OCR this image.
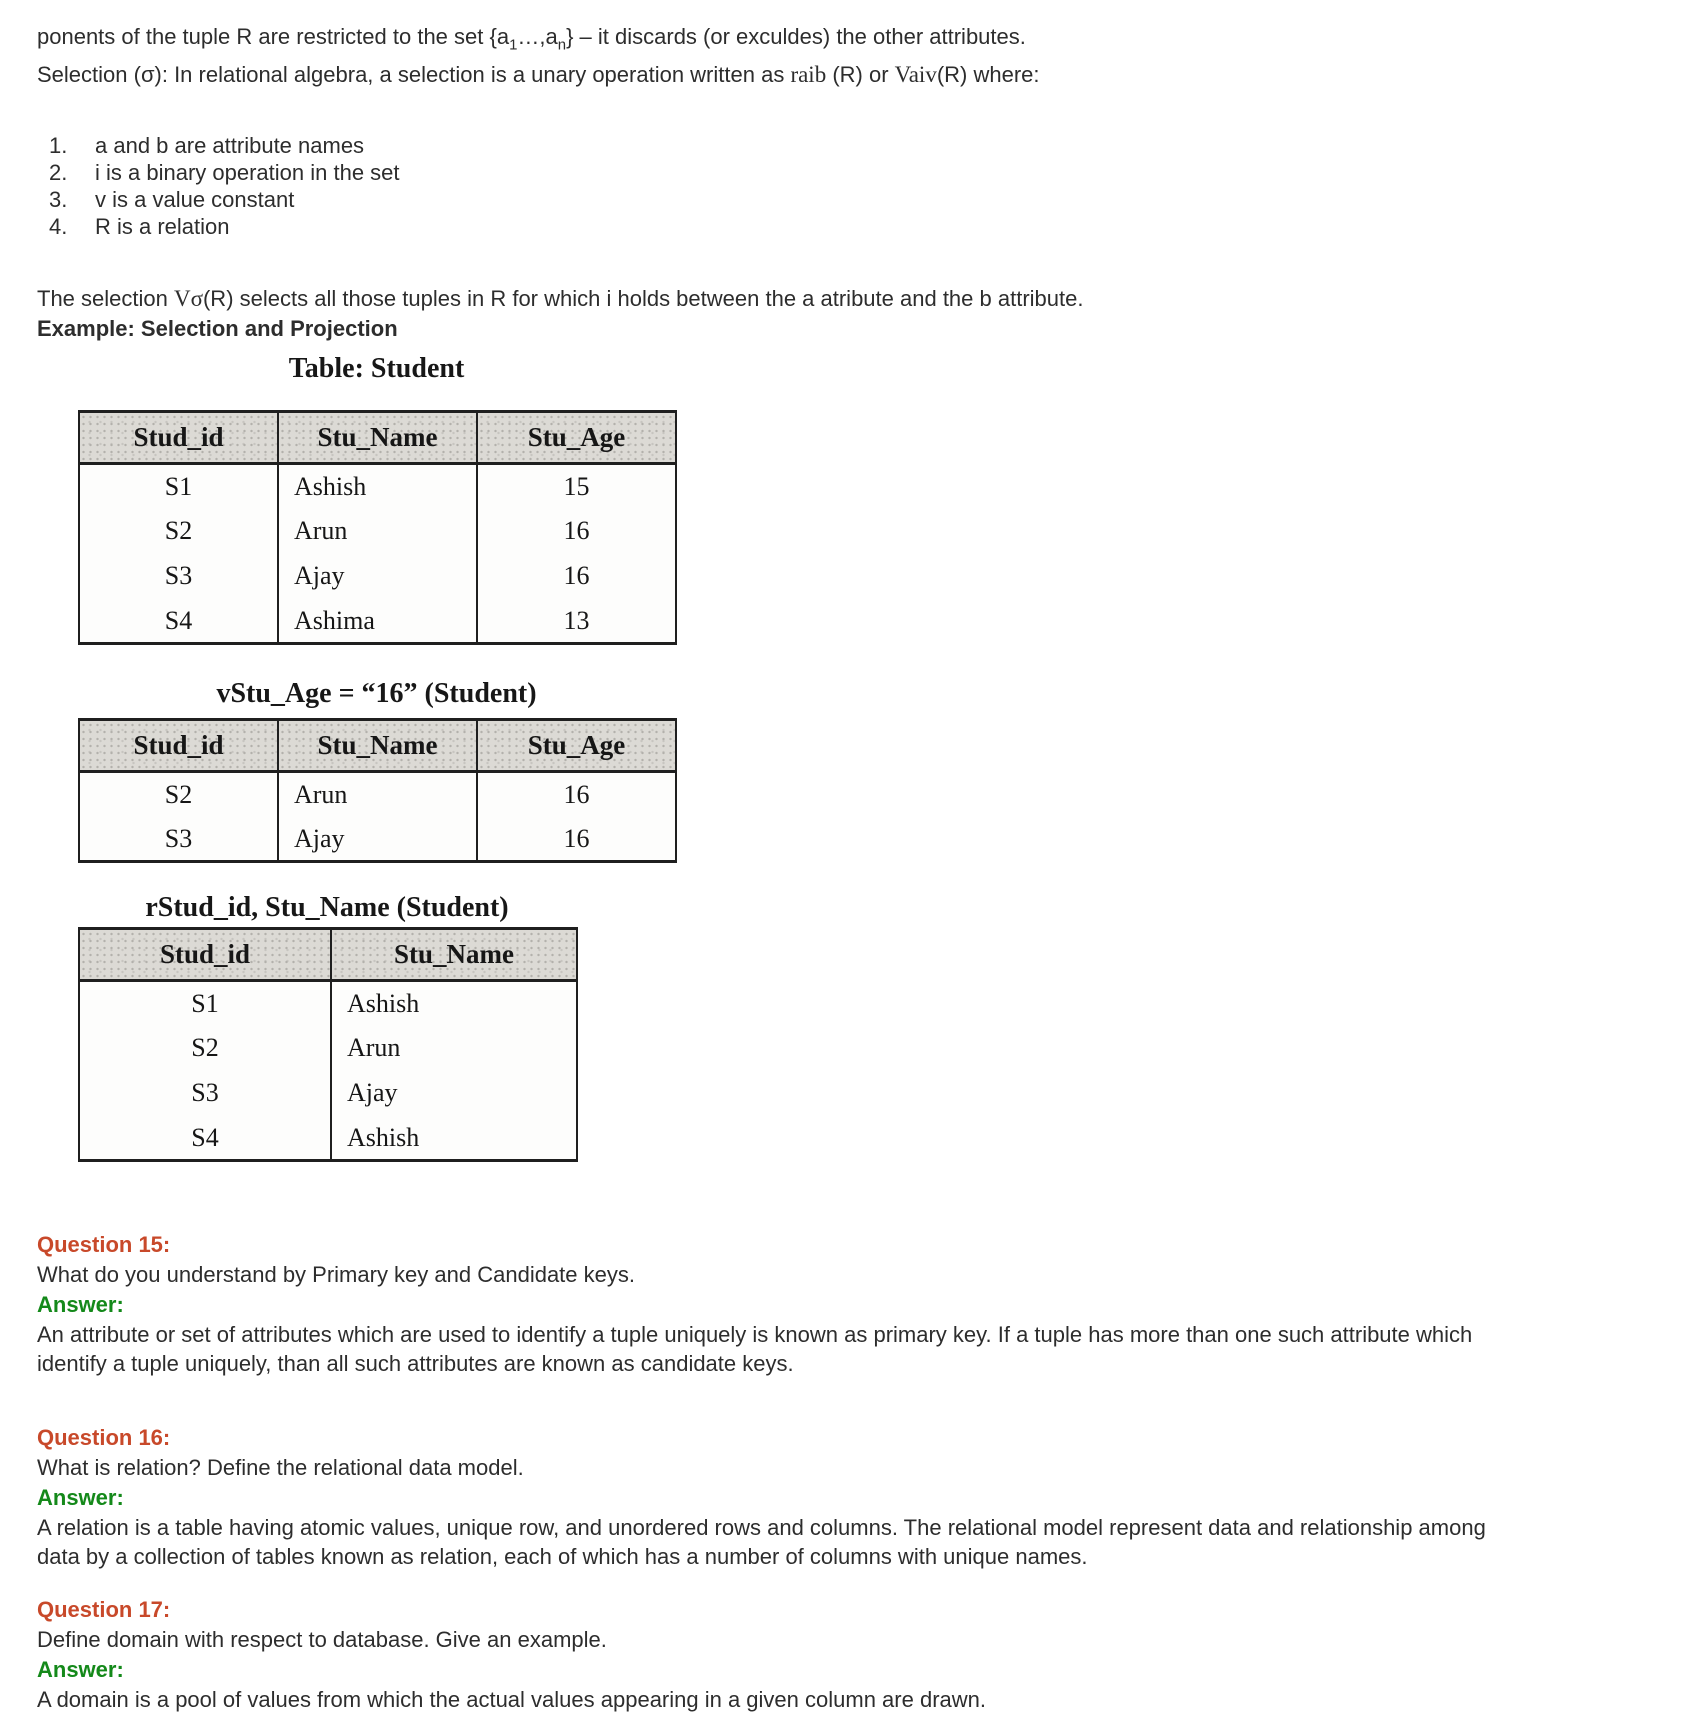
ponents of the tuple R are restricted to the set $\{a_1\dots,a_n\}$ – it discards (or exculdes) the other attributes.
Selection (σ): In relational algebra, a selection is a unary operation written as raib (R) or Vaiv(R) where:
1.	a and b are attribute names
2.	i is a binary operation in the set
3.	v is a value constant
4.	R is a relation
The selection Vσ(R) selects all those tuples in R for which i holds between the a atribute and the b attribute.
Example: Selection and Projection
Table: Student
Stud_id	Stu_Name	Stu_Age
S1	Ashish	15
S2	Arun	16
S3	Ajay	16
S4	Ashima	13
vStu_Age = “16” (Student)
Stud_id	Stu_Name	Stu_Age
S2	Arun	16
S3	Ajay	16
rStud_id, Stu_Name (Student)
Stud_id	Stu_Name
S1	Ashish
S2	Arun
S3	Ajay
S4	Ashish
Question 15:
What do you understand by Primary key and Candidate keys.
Answer:
An attribute or set of attributes which are used to identify a tuple uniquely is known as primary key. If a tuple has more than one such attribute which identify a tuple uniquely, than all such attributes are known as candidate keys.
Question 16:
What is relation? Define the relational data model.
Answer:
A relation is a table having atomic values, unique row, and unordered rows and columns. The relational model represent data and relationship among data by a collection of tables known as relation, each of which has a number of columns with unique names.
Question 17:
Define domain with respect to database. Give an example.
Answer:
A domain is a pool of values from which the actual values appearing in a given column are drawn.
